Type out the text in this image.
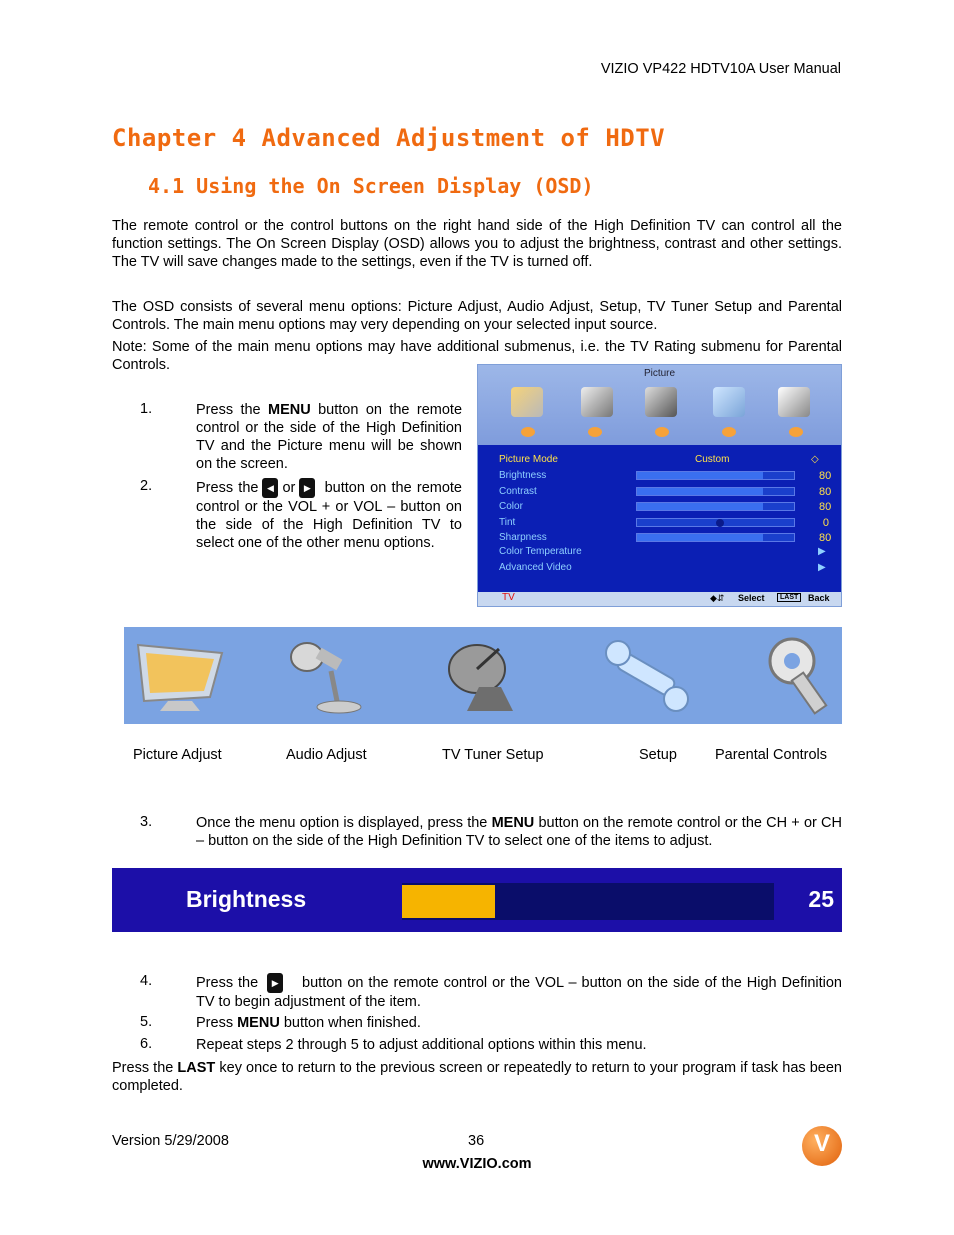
VIZIO VP422 HDTV10A User Manual
Chapter 4 Advanced Adjustment of HDTV
4.1 Using the On Screen Display (OSD)
The remote control or the control buttons on the right hand side of the High Definition TV can control all the function settings. The On Screen Display (OSD) allows you to adjust the brightness, contrast and other settings. The TV will save changes made to the settings, even if the TV is turned off.
The OSD consists of several menu options: Picture Adjust, Audio Adjust, Setup, TV Tuner Setup and Parental Controls. The main menu options may very depending on your selected input source.
Note: Some of the main menu options may have additional submenus, i.e. the TV Rating submenu for Parental Controls.
1.	Press the MENU button on the remote control or the side of the High Definition TV and the Picture menu will be shown on the screen.
2.	Press the ◀ or ▶ button on the remote control or the VOL + or VOL – button on the side of the High Definition TV to select one of the other menu options.
Picture
Picture Mode	Custom	◇
Brightness	80
Contrast	80
Color	80
Tint	0
Sharpness	80
Color Temperature	▶
Advanced Video	▶
TV	◆⇵ Select	LAST	Back
Picture Adjust	Audio Adjust	TV Tuner Setup	Setup	Parental Controls
3.	Once the menu option is displayed, press the MENU button on the remote control or the CH + or CH – button on the side of the High Definition TV to select one of the items to adjust.
Brightness	25
4.	Press the ▶ button on the remote control or the VOL – button on the side of the High Definition TV to begin adjustment of the item.
5.	Press MENU button when finished.
6.	Repeat steps 2 through 5 to adjust additional options within this menu.
Press the LAST key once to return to the previous screen or repeatedly to return to your program if task has been completed.
Version 5/29/2008	36
www.VIZIO.com
V
